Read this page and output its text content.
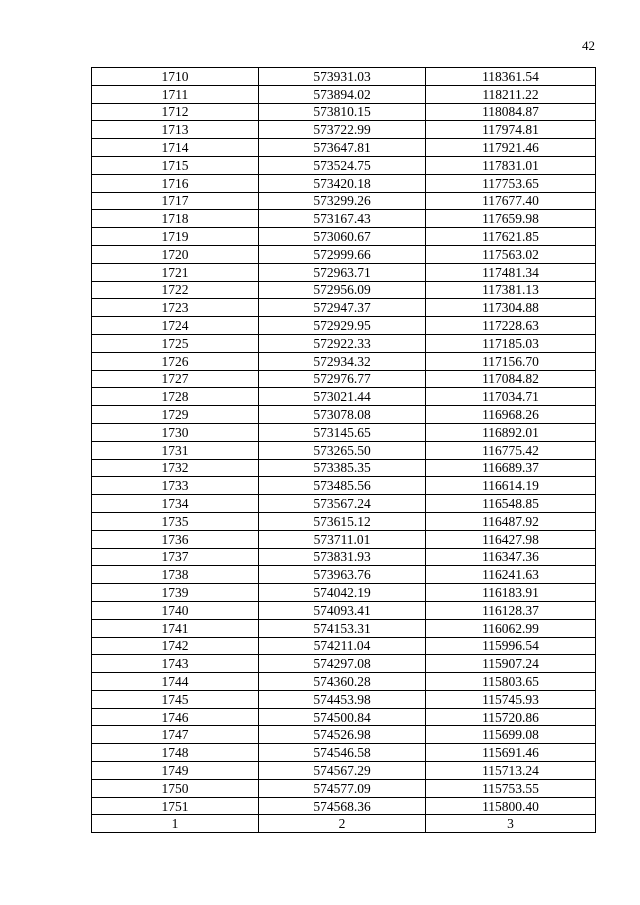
42
1710	573931.03	118361.54
1711	573894.02	118211.22
1712	573810.15	118084.87
1713	573722.99	117974.81
1714	573647.81	117921.46
1715	573524.75	117831.01
1716	573420.18	117753.65
1717	573299.26	117677.40
1718	573167.43	117659.98
1719	573060.67	117621.85
1720	572999.66	117563.02
1721	572963.71	117481.34
1722	572956.09	117381.13
1723	572947.37	117304.88
1724	572929.95	117228.63
1725	572922.33	117185.03
1726	572934.32	117156.70
1727	572976.77	117084.82
1728	573021.44	117034.71
1729	573078.08	116968.26
1730	573145.65	116892.01
1731	573265.50	116775.42
1732	573385.35	116689.37
1733	573485.56	116614.19
1734	573567.24	116548.85
1735	573615.12	116487.92
1736	573711.01	116427.98
1737	573831.93	116347.36
1738	573963.76	116241.63
1739	574042.19	116183.91
1740	574093.41	116128.37
1741	574153.31	116062.99
1742	574211.04	115996.54
1743	574297.08	115907.24
1744	574360.28	115803.65
1745	574453.98	115745.93
1746	574500.84	115720.86
1747	574526.98	115699.08
1748	574546.58	115691.46
1749	574567.29	115713.24
1750	574577.09	115753.55
1751	574568.36	115800.40
1	2	3
